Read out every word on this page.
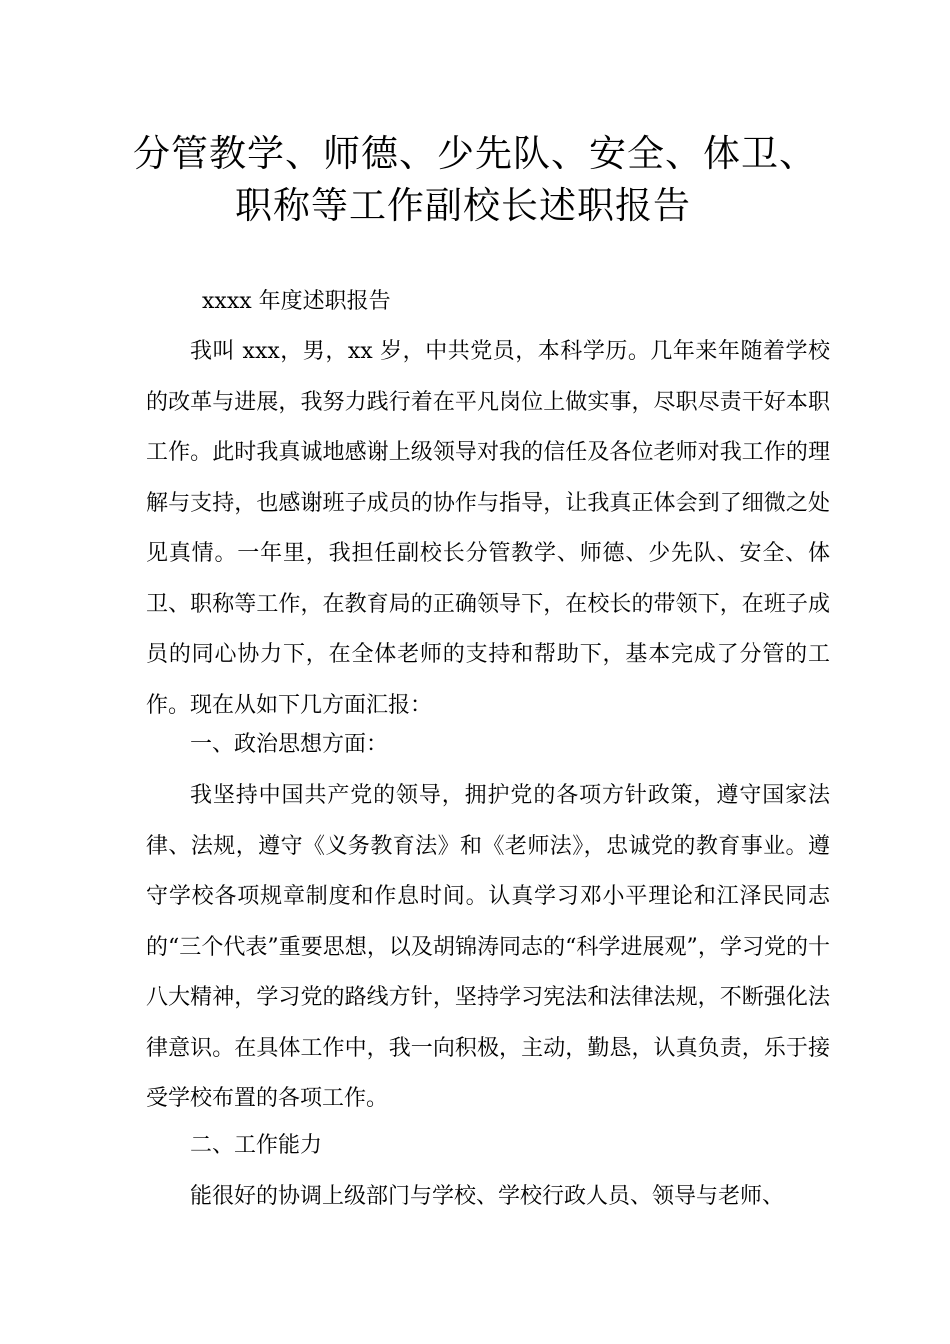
分管教学、师德、少先队、安全、体卫、
职称等工作副校长述职报告

xxxx 年度述职报告

我叫 xxx，男，xx 岁，中共党员，本科学历。几年来年随着学校的改革与进展，我努力践行着在平凡岗位上做实事，尽职尽责干好本职工作。此时我真诚地感谢上级领导对我的信任及各位老师对我工作的理解与支持，也感谢班子成员的协作与指导，让我真正体会到了细微之处见真情。一年里，我担任副校长分管教学、师德、少先队、安全、体卫、职称等工作，在教育局的正确领导下，在校长的带领下，在班子成员的同心协力下，在全体老师的支持和帮助下，基本完成了分管的工作。现在从如下几方面汇报：

一、政治思想方面：

我坚持中国共产党的领导，拥护党的各项方针政策，遵守国家法律、法规，遵守《义务教育法》和《老师法》，忠诚党的教育事业。遵守学校各项规章制度和作息时间。认真学习邓小平理论和江泽民同志的“三个代表”重要思想，以及胡锦涛同志的“科学进展观”，学习党的十八大精神，学习党的路线方针，坚持学习宪法和法律法规，不断强化法律意识。在具体工作中，我一向积极，主动，勤恳，认真负责，乐于接受学校布置的各项工作。

二、工作能力

能很好的协调上级部门与学校、学校行政人员、领导与老师、
